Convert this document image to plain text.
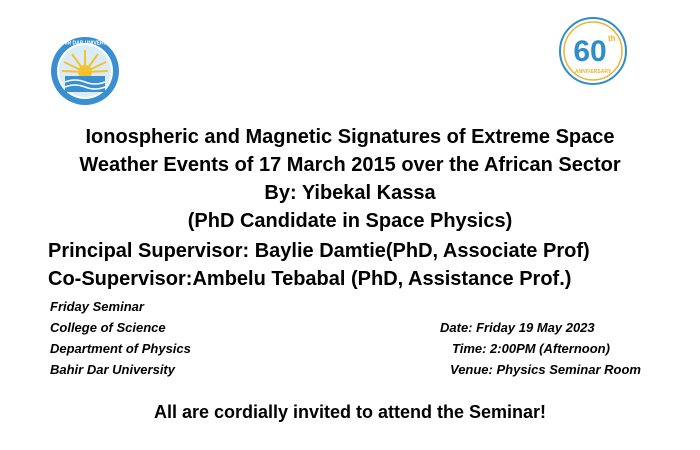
BAHIR DAR UNIVERSITY	60 th
ANNIVERSARY
Ionospheric and Magnetic Signatures of Extreme Space
Weather Events of 17 March 2015 over the African Sector
By: Yibekal Kassa
(PhD Candidate in Space Physics)
Principal Supervisor: Baylie Damtie(PhD, Associate Prof)
Co-Supervisor:Ambelu Tebabal (PhD, Assistance Prof.)
Friday Seminar
College of Science
Department of Physics
Bahir Dar University
Date: Friday 19 May 2023
Time: 2:00PM (Afternoon)
Venue: Physics Seminar Room
All are cordially invited to attend the Seminar!
